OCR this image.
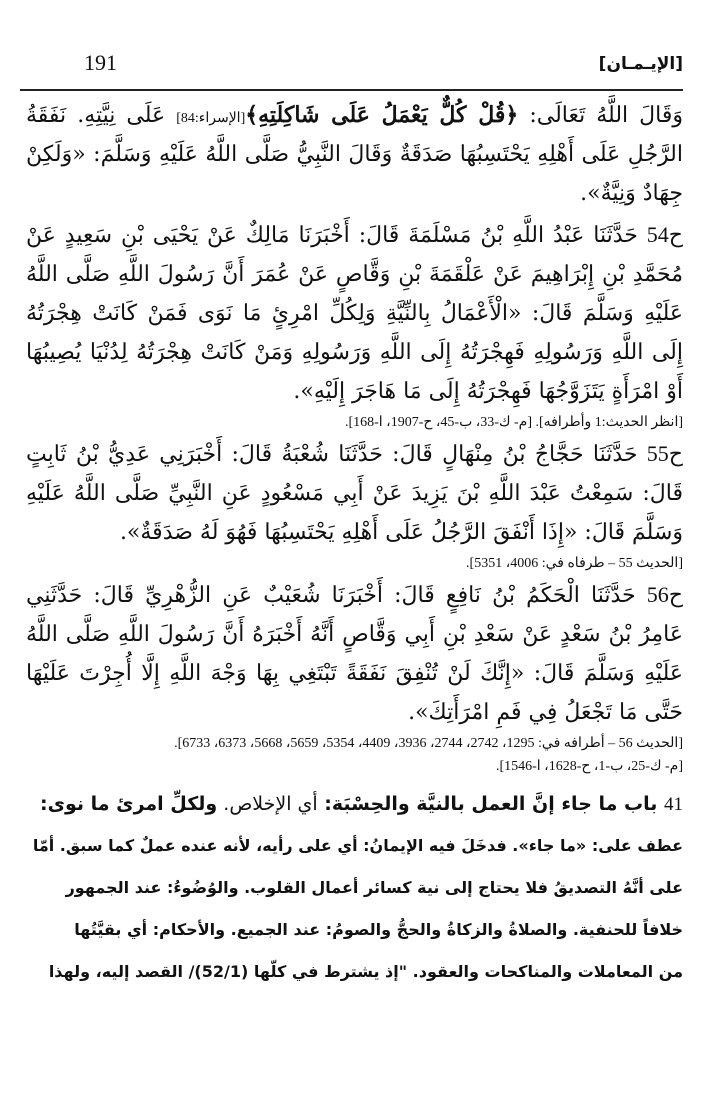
[الإيـمـان]
191

وَقَالَ اللَّهُ تَعَالَى: ﴿قُلْ كُلٌّ يَعْمَلُ عَلَى شَاكِلَتِهِ﴾[الإسراء:84] عَلَى نِيَّتِهِ. نَفَقَةُ الرَّجُلِ عَلَى أَهْلِهِ يَحْتَسِبُهَا صَدَقَةٌ وَقَالَ النَّبِيُّ صَلَّى اللَّهُ عَلَيْهِ وَسَلَّمَ: «وَلَكِنْ جِهَادٌ وَنِيَّةٌ».

ح54 حَدَّثَنَا عَبْدُ اللَّهِ بْنُ مَسْلَمَةَ قَالَ: أَخْبَرَنَا مَالِكٌ عَنْ يَحْيَى بْنِ سَعِيدٍ عَنْ مُحَمَّدِ بْنِ إِبْرَاهِيمَ عَنْ عَلْقَمَةَ بْنِ وَقَّاصٍ عَنْ عُمَرَ أَنَّ رَسُولَ اللَّهِ صَلَّى اللَّهُ عَلَيْهِ وَسَلَّمَ قَالَ: «الْأَعْمَالُ بِالنِّيَّةِ وَلِكُلِّ امْرِئٍ مَا نَوَى فَمَنْ كَانَتْ هِجْرَتُهُ إِلَى اللَّهِ وَرَسُولِهِ فَهِجْرَتُهُ إِلَى اللَّهِ وَرَسُولِهِ وَمَنْ كَانَتْ هِجْرَتُهُ لِدُنْيَا يُصِيبُهَا أَوْ امْرَأَةٍ يَتَزَوَّجُهَا فَهِجْرَتُهُ إِلَى مَا هَاجَرَ إِلَيْهِ».

[انظر الحديث:1 وأطرافه]. [م- ك-33، ب-45، ح-1907، ا-168].

ح55 حَدَّثَنَا حَجَّاجُ بْنُ مِنْهَالٍ قَالَ: حَدَّثَنَا شُعْبَةُ قَالَ: أَخْبَرَنِي عَدِيُّ بْنُ ثَابِتٍ قَالَ: سَمِعْتُ عَبْدَ اللَّهِ بْنَ يَزِيدَ عَنْ أَبِي مَسْعُودٍ عَنِ النَّبِيِّ صَلَّى اللَّهُ عَلَيْهِ وَسَلَّمَ قَالَ: «إِذَا أَنْفَقَ الرَّجُلُ عَلَى أَهْلِهِ يَحْتَسِبُهَا فَهُوَ لَهُ صَدَقَةٌ».

[الحديث 55 – طرفاه في: 4006، 5351].

ح56 حَدَّثَنَا الْحَكَمُ بْنُ نَافِعٍ قَالَ: أَخْبَرَنَا شُعَيْبٌ عَنِ الزُّهْرِيِّ قَالَ: حَدَّثَنِي عَامِرُ بْنُ سَعْدٍ عَنْ سَعْدِ بْنِ أَبِي وَقَّاصٍ أَنَّهُ أَخْبَرَهُ أَنَّ رَسُولَ اللَّهِ صَلَّى اللَّهُ عَلَيْهِ وَسَلَّمَ قَالَ: «إِنَّكَ لَنْ تُنْفِقَ نَفَقَةً تَبْتَغِي بِهَا وَجْهَ اللَّهِ إِلَّا أُجِرْتَ عَلَيْهَا حَتَّى مَا تَجْعَلُ فِي فَمِ امْرَأَتِكَ».

[الحديث 56 – أطرافه في: 1295، 2742، 2744، 3936، 4409، 5354، 5659، 5668، 6373، 6733].

[م- ك-25، ب-1، ح-1628، ا-1546].

41 باب ما جاء إنَّ العمل بالنيَّة والحِسْبَة: أي الإخلاص. ولكلِّ امرئ ما نوى:

عطف على: «ما جاء». فدخَلَ فيه الإيمانُ: أي على رأيه، لأنه عنده عملٌ كما سبق. أمّا

على أنَّهُ التصديقُ فلا يحتاج إلى نية كسائر أعمال القلوب. والوُضُوءُ: عند الجمهور

خلافاً للحنفية. والصلاةُ والزكاةُ والحجُّ والصومُ: عند الجميع. والأحكام: أي بقيَّتُها

من المعاملات والمناكحات والعقود. "إذ يشترط في كلّها (52/1)/ القصد إليه، ولهذا
